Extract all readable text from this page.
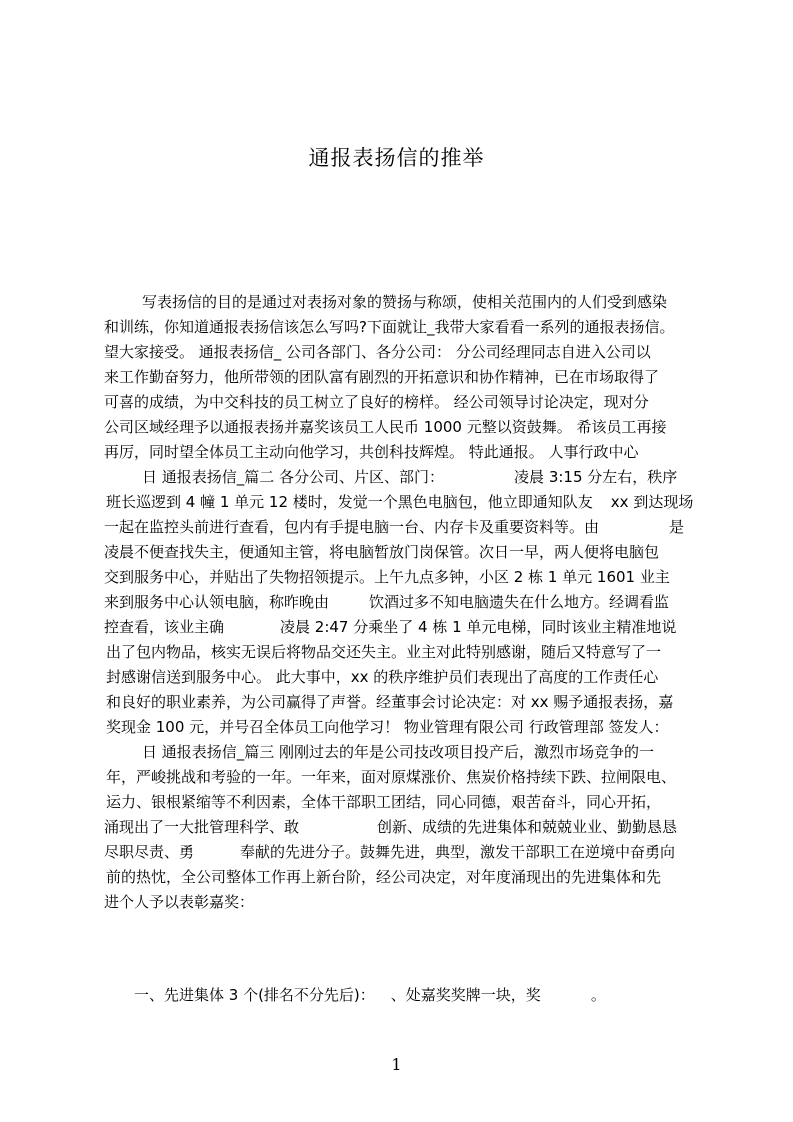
通报表扬信的推举
写表扬信的目的是通过对表扬对象的赞扬与称颂，使相关范围内的人们受到感染
和训练，你知道通报表扬信该怎么写吗?下面就让_我带大家看看一系列的通报表扬信。
望大家接受。 通报表扬信_ 公司各部门、各分公司： 分公司经理同志自进入公司以
来工作勤奋努力，他所带领的团队富有剧烈的开拓意识和协作精神，已在市场取得了
可喜的成绩，为中交科技的员工树立了良好的榜样。 经公司领导讨论决定，现对分
公司区域经理予以通报表扬并嘉奖该员工人民币 1000 元整以资鼓舞。 希该员工再接
再厉，同时望全体员工主动向他学习，共创科技辉煌。 特此通报。 人事行政中心
日 通报表扬信_篇二 各分公司、片区、部门：	凌晨 3:15 分左右，秩序
班长巡逻到 4 幢 1 单元 12 楼时，发觉一个黑色电脑包，他立即通知队友 xx 到达现场
一起在监控头前进行查看，包内有手提电脑一台、内存卡及重要资料等。由	是
凌晨不便查找失主，便通知主管，将电脑暂放门岗保管。次日一早，两人便将电脑包
交到服务中心，并贴出了失物招领提示。上午九点多钟，小区 2 栋 1 单元 1601 业主
来到服务中心认领电脑，称昨晚由	饮酒过多不知电脑遗失在什么地方。经调看监
控查看，该业主确	凌晨 2:47 分乘坐了 4 栋 1 单元电梯，同时该业主精准地说
出了包内物品，核实无误后将物品交还失主。业主对此特别感谢，随后又特意写了一
封感谢信送到服务中心。 此大事中，xx 的秩序维护员们表现出了高度的工作责任心
和良好的职业素养，为公司赢得了声誉。经董事会讨论决定：对 xx 赐予通报表扬，嘉
奖现金 100 元，并号召全体员工向他学习！ 物业管理有限公司 行政管理部 签发人：
日 通报表扬信_篇三 刚刚过去的年是公司技改项目投产后，激烈市场竞争的一
年，严峻挑战和考验的一年。一年来，面对原煤涨价、焦炭价格持续下跌、拉闸限电、
运力、银根紧缩等不利因素，全体干部职工团结，同心同德，艰苦奋斗，同心开拓，
涌现出了一大批管理科学、敢	创新、成绩的先进集体和兢兢业业、勤勤恳恳
尽职尽责、勇	奉献的先进分子。鼓舞先进，典型，激发干部职工在逆境中奋勇向
前的热忱，全公司整体工作再上新台阶，经公司决定，对年度涌现出的先进集体和先
进个人予以表彰嘉奖：
一、先进集体 3 个(排名不分先后)： 、处嘉奖奖牌一块，奖	。
1
